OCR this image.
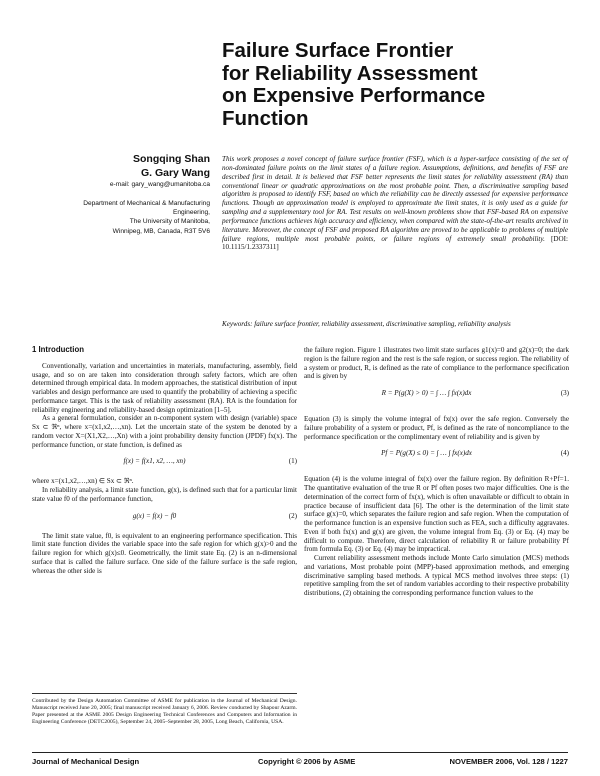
Failure Surface Frontier
for Reliability Assessment
on Expensive Performance
Function
Songqing Shan
G. Gary Wang
e-mail: gary_wang@umanitoba.ca
Department of Mechanical & Manufacturing
Engineering,
The University of Manitoba,
Winnipeg, MB, Canada, R3T 5V6
This work proposes a novel concept of failure surface frontier (FSF), which is a hyper-surface consisting of the set of non-dominated failure points on the limit states of a failure region. Assumptions, definitions, and benefits of FSF are described first in detail. It is believed that FSF better represents the limit states for reliability assessment (RA) than conventional linear or quadratic approximations on the most probable point. Then, a discriminative sampling based algorithm is proposed to identify FSF, based on which the reliability can be directly assessed for expensive performance functions. Though an approximation model is employed to approximate the limit states, it is only used as a guide for sampling and a supplementary tool for RA. Test results on well-known problems show that FSF-based RA on expensive performance functions achieves high accuracy and efficiency, when compared with the state-of-the-art results archived in literature. Moreover, the concept of FSF and proposed RA algorithm are proved to be applicable to problems of multiple failure regions, multiple most probable points, or failure regions of extremely small probability. [DOI: 10.1115/1.2337311]
Keywords: failure surface frontier, reliability assessment, discriminative sampling, reliability analysis
1 Introduction

Conventionally, variation and uncertainties in materials, manufacturing, assembly, field usage, and so on are taken into consideration through safety factors, which are often determined through empirical data. In modern approaches, the statistical distribution of input variables and design performance are used to quantify the probability of achieving a specific performance target. This is the task of reliability assessment (RA). RA is the foundation for reliability engineering and reliability-based design optimization [1–5].

As a general formulation, consider an n-component system with design (variable) space Sx ⊂ ℜⁿ, where x=(x1,x2,…,xn). Let the uncertain state of the system be denoted by a random vector X=(X1,X2,…,Xn) with a joint probability density function (JPDF) fx(x). The performance function, or state function, is defined as

f(x) = f(x1, x2, …, xn)	(1)

where x=(x1,x2,…,xn) ∈ Sx ⊂ ℜⁿ.

In reliability analysis, a limit state function, g(x), is defined such that for a particular limit state value f0 of the performance function,

g(x) = f(x) − f0	(2)

The limit state value, f0, is equivalent to an engineering performance specification. This limit state function divides the variable space into the safe region for which g(x)>0 and the failure region for which g(x)≤0. Geometrically, the limit state Eq. (2) is an n-dimensional surface that is called the failure surface. One side of the failure surface is the safe region, whereas the other side is

the failure region. Figure 1 illustrates two limit state surfaces g1(x)=0 and g2(x)=0; the dark region is the failure region and the rest is the safe region, or success region. The reliability of a system or product, R, is defined as the rate of compliance to the performance specification and is given by

R = P(g(X) > 0) = ∫ … ∫ fx(x)dx	(3)

Equation (3) is simply the volume integral of fx(x) over the safe region. Conversely the failure probability of a system or product, Pf, is defined as the rate of noncompliance to the performance specification or the complimentary event of reliability and is given by

Pf = P(g(X) ≤ 0) = ∫ … ∫ fx(x)dx	(4)

Equation (4) is the volume integral of fx(x) over the failure region. By definition R+Pf=1. The quantitative evaluation of the true R or Pf often poses two major difficulties. One is the determination of the correct form of fx(x), which is often unavailable or difficult to obtain in practice because of insufficient data [6]. The other is the determination of the limit state surface g(x)=0, which separates the failure region and safe region. When the computation of the performance function is an expensive function such as FEA, such a difficulty aggravates. Even if both fx(x) and g(x) are given, the volume integral from Eq. (3) or Eq. (4) may be difficult to compute. Therefore, direct calculation of reliability R or failure probability Pf from formula Eq. (3) or Eq. (4) may be impractical.

Current reliability assessment methods include Monte Carlo simulation (MCS) methods and variations, Most probable point (MPP)-based approximation methods, and emerging discriminative sampling based methods. A typical MCS method involves three steps: (1) repetitive sampling from the set of random variables according to their respective probability distributions, (2) obtaining the corresponding performance function values to the

Contributed by the Design Automation Committee of ASME for publication in the Journal of Mechanical Design. Manuscript received June 20, 2005; final manuscript received January 6, 2006. Review conducted by Shapour Azarm. Paper presented at the ASME 2005 Design Engineering Technical Conferences and Computers and Information in Engineering Conference (DETC2005), September 24, 2005–September 28, 2005, Long Beach, California, USA.
Journal of Mechanical Design	Copyright © 2006 by ASME	NOVEMBER 2006, Vol. 128 / 1227
